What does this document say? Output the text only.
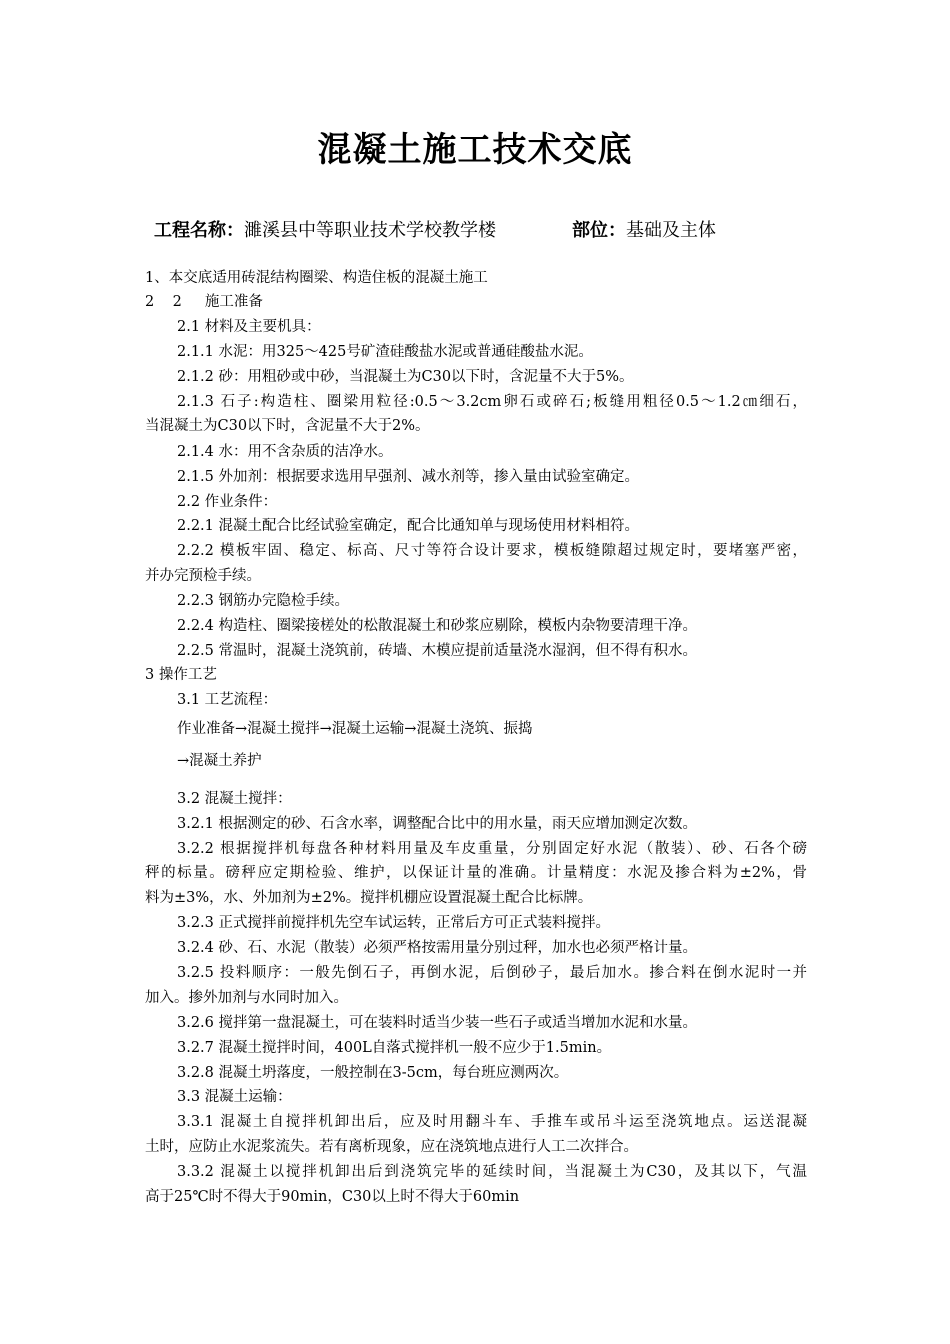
混凝土施工技术交底
工程名称：濉溪县中等职业技术学校教学楼	部位：基础及主体
1、本交底适用砖混结构圈梁、构造住板的混凝土施工
2    2     施工准备
2.1 材料及主要机具：
2.1.1 水泥：用325～425号矿渣硅酸盐水泥或普通硅酸盐水泥。
2.1.2 砂：用粗砂或中砂，当混凝土为C30以下时，含泥量不大于5%。
2.1.3 石子:构造柱、圈梁用粒径:0.5～3.2cm卵石或碎石;板缝用粗径0.5～1.2㎝细石，
当混凝土为C30以下时，含泥量不大于2%。
2.1.4 水：用不含杂质的洁净水。
2.1.5 外加剂：根据要求选用早强剂、减水剂等，掺入量由试验室确定。
2.2 作业条件：
2.2.1 混凝土配合比经试验室确定，配合比通知单与现场使用材料相符。
2.2.2 模板牢固、稳定、标高、尺寸等符合设计要求，模板缝隙超过规定时，要堵塞严密，
并办完预检手续。
2.2.3 钢筋办完隐检手续。
2.2.4 构造柱、圈梁接槎处的松散混凝土和砂浆应剔除，模板内杂物要清理干净。
2.2.5 常温时，混凝土浇筑前，砖墙、木模应提前适量浇水湿润，但不得有积水。
3 操作工艺
3.1 工艺流程：
作业准备→混凝土搅拌→混凝土运输→混凝土浇筑、振捣
→混凝土养护
3.2 混凝土搅拌：
3.2.1 根据测定的砂、石含水率，调整配合比中的用水量，雨天应增加测定次数。
3.2.2 根据搅拌机每盘各种材料用量及车皮重量，分别固定好水泥（散装）、砂、石各个磅
秤的标量。磅秤应定期检验、维护，以保证计量的准确。计量精度：水泥及掺合料为±2%，骨
料为±3%，水、外加剂为±2%。搅拌机棚应设置混凝土配合比标牌。
3.2.3 正式搅拌前搅拌机先空车试运转，正常后方可正式装料搅拌。
3.2.4 砂、石、水泥（散装）必须严格按需用量分别过秤，加水也必须严格计量。
3.2.5 投料顺序：一般先倒石子，再倒水泥，后倒砂子，最后加水。掺合料在倒水泥时一并
加入。掺外加剂与水同时加入。
3.2.6 搅拌第一盘混凝土，可在装料时适当少装一些石子或适当增加水泥和水量。
3.2.7 混凝土搅拌时间，400L自落式搅拌机一般不应少于1.5min。
3.2.8 混凝土坍落度，一般控制在3-5cm，每台班应测两次。
3.3 混凝土运输：
3.3.1 混凝土自搅拌机卸出后，应及时用翻斗车、手推车或吊斗运至浇筑地点。运送混凝
土时，应防止水泥浆流失。若有离析现象，应在浇筑地点进行人工二次拌合。
3.3.2 混凝土以搅拌机卸出后到浇筑完毕的延续时间，当混凝土为C30，及其以下，气温
高于25℃时不得大于90min，C30以上时不得大于60min
